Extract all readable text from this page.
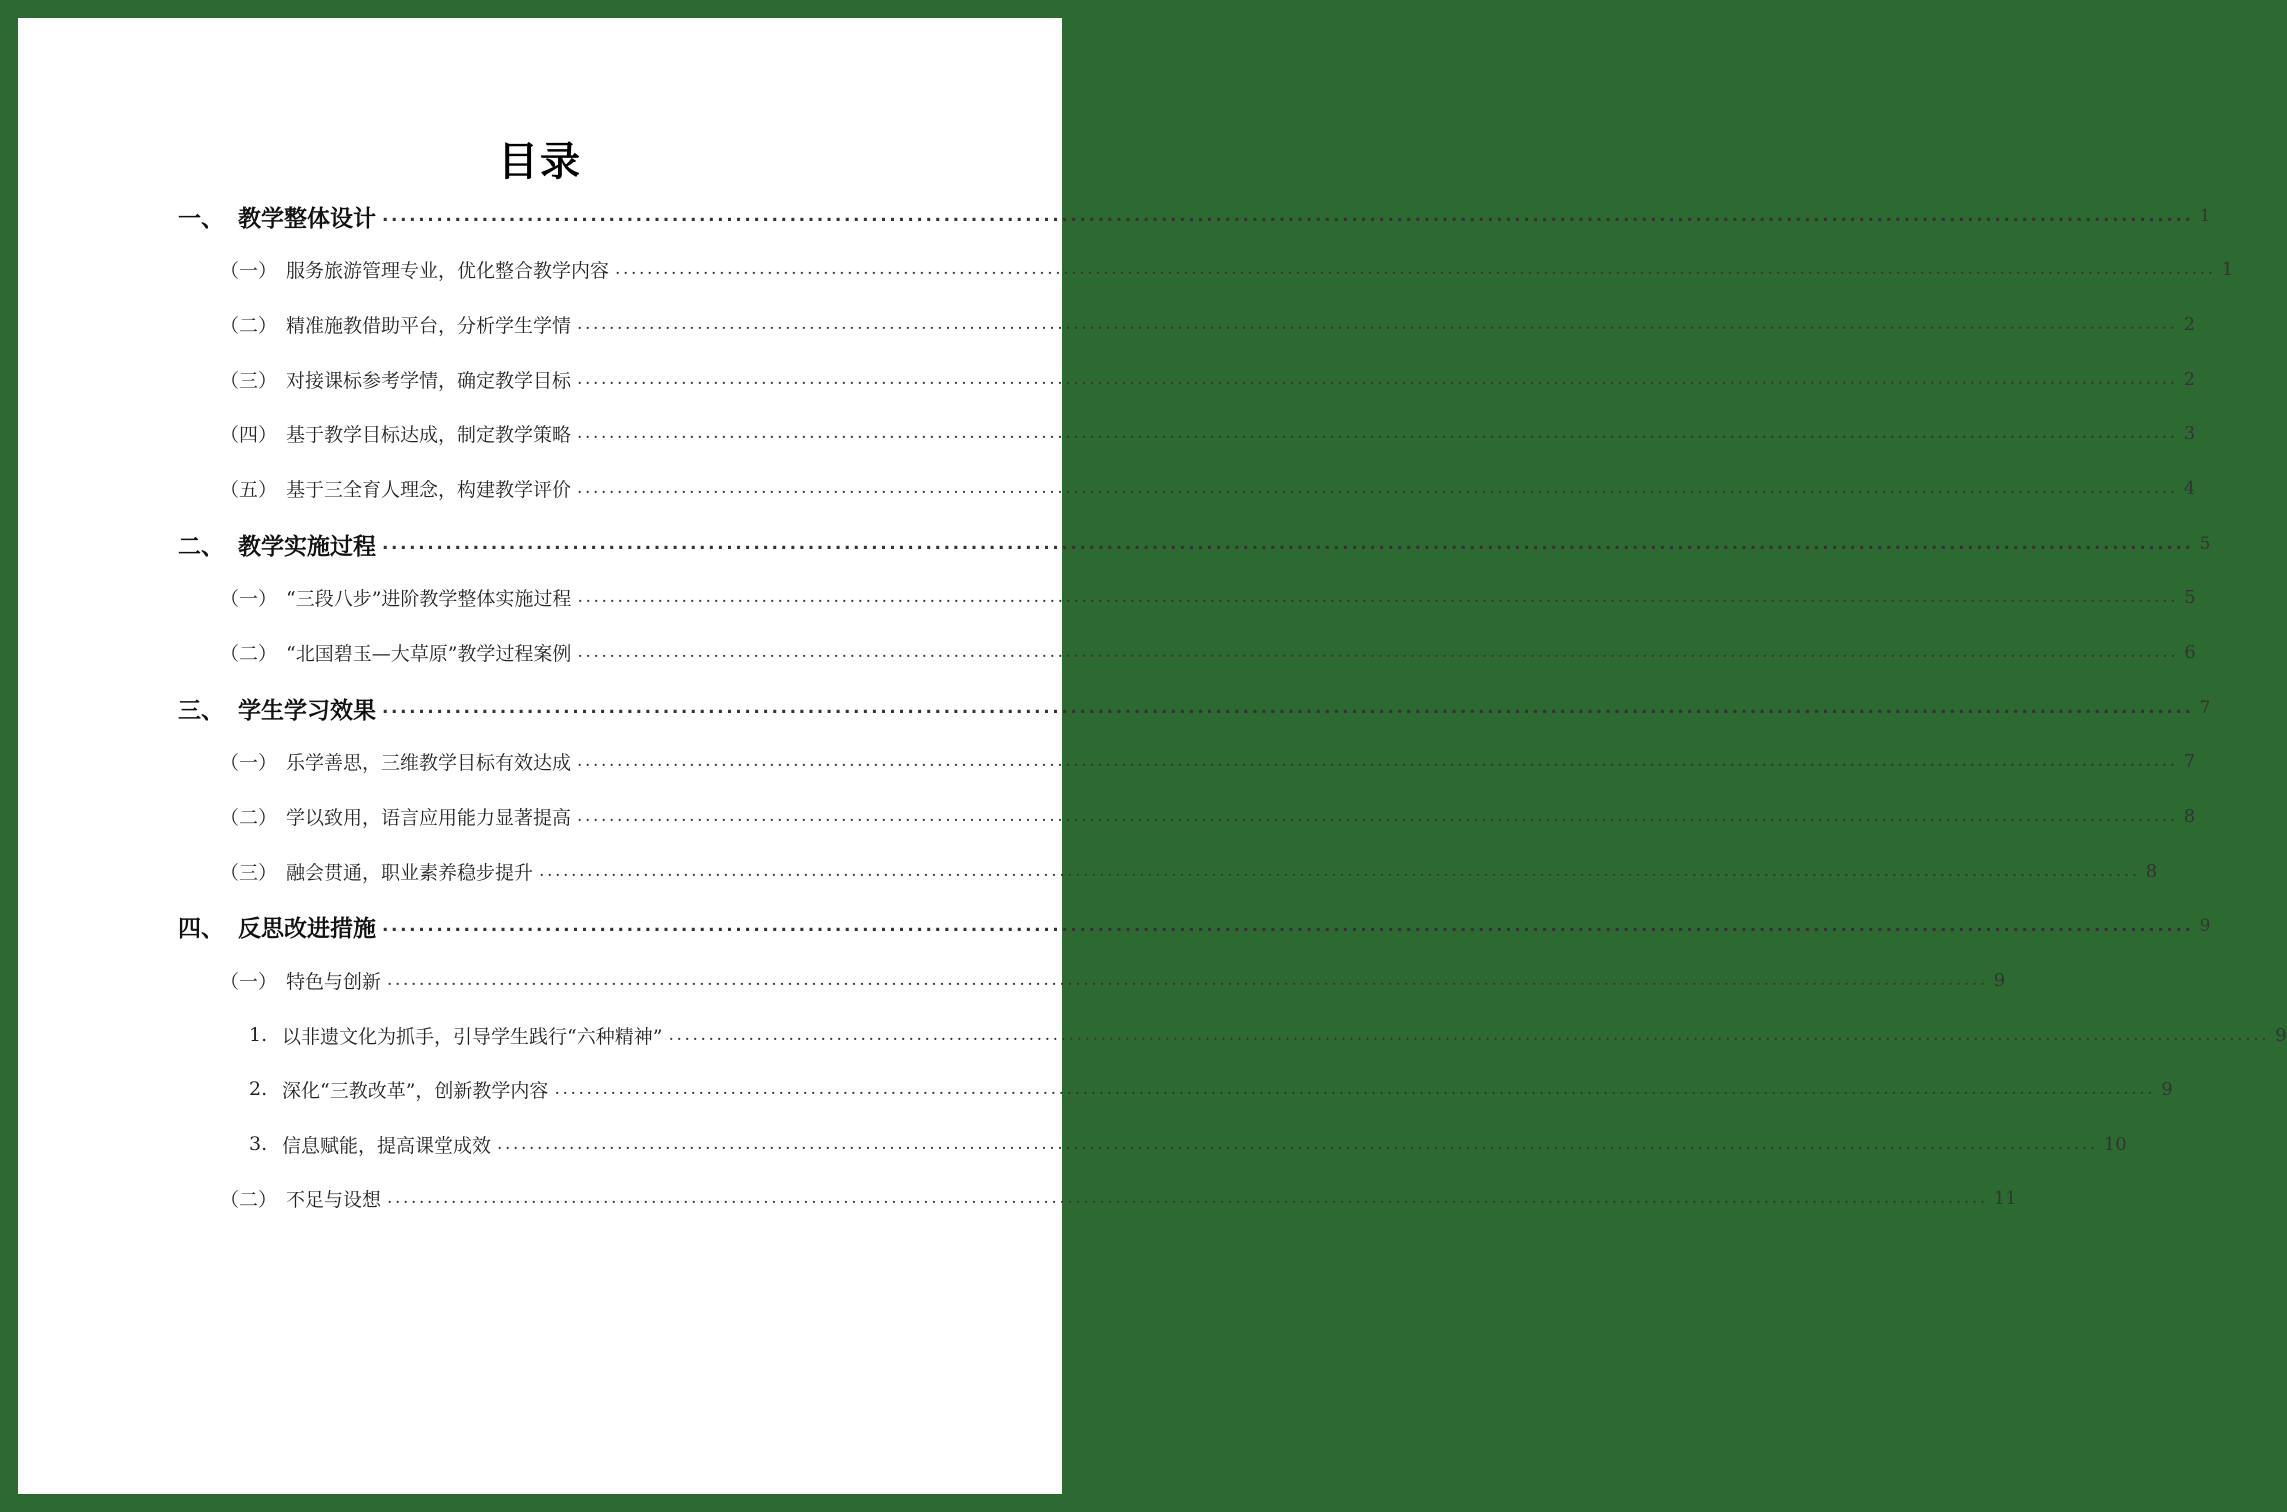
目录
一、 教学整体设计 ........................................................................................................................................................................................................ 1
（一） 服务旅游管理专业，优化整合教学内容 ........................................................................................................................................................................................................ 1
（二） 精准施教借助平台，分析学生学情 ........................................................................................................................................................................................................ 2
（三） 对接课标参考学情，确定教学目标 ........................................................................................................................................................................................................ 2
（四） 基于教学目标达成，制定教学策略 ........................................................................................................................................................................................................ 3
（五） 基于三全育人理念，构建教学评价 ........................................................................................................................................................................................................ 4
二、 教学实施过程 ........................................................................................................................................................................................................ 5
（一） “三段八步”进阶教学整体实施过程 ........................................................................................................................................................................................................ 5
（二） “北国碧玉—大草原”教学过程案例 ........................................................................................................................................................................................................ 6
三、 学生学习效果 ........................................................................................................................................................................................................ 7
（一） 乐学善思，三维教学目标有效达成 ........................................................................................................................................................................................................ 7
（二） 学以致用，语言应用能力显著提高 ........................................................................................................................................................................................................ 8
（三） 融会贯通，职业素养稳步提升 ........................................................................................................................................................................................................ 8
四、 反思改进措施 ........................................................................................................................................................................................................ 9
（一） 特色与创新 ........................................................................................................................................................................................................ 9
1. 以非遗文化为抓手，引导学生践行“六种精神” ........................................................................................................................................................................................................ 9
2. 深化“三教改革”，创新教学内容 ........................................................................................................................................................................................................ 9
3. 信息赋能，提高课堂成效 ........................................................................................................................................................................................................ 10
（二） 不足与设想 ........................................................................................................................................................................................................ 11
